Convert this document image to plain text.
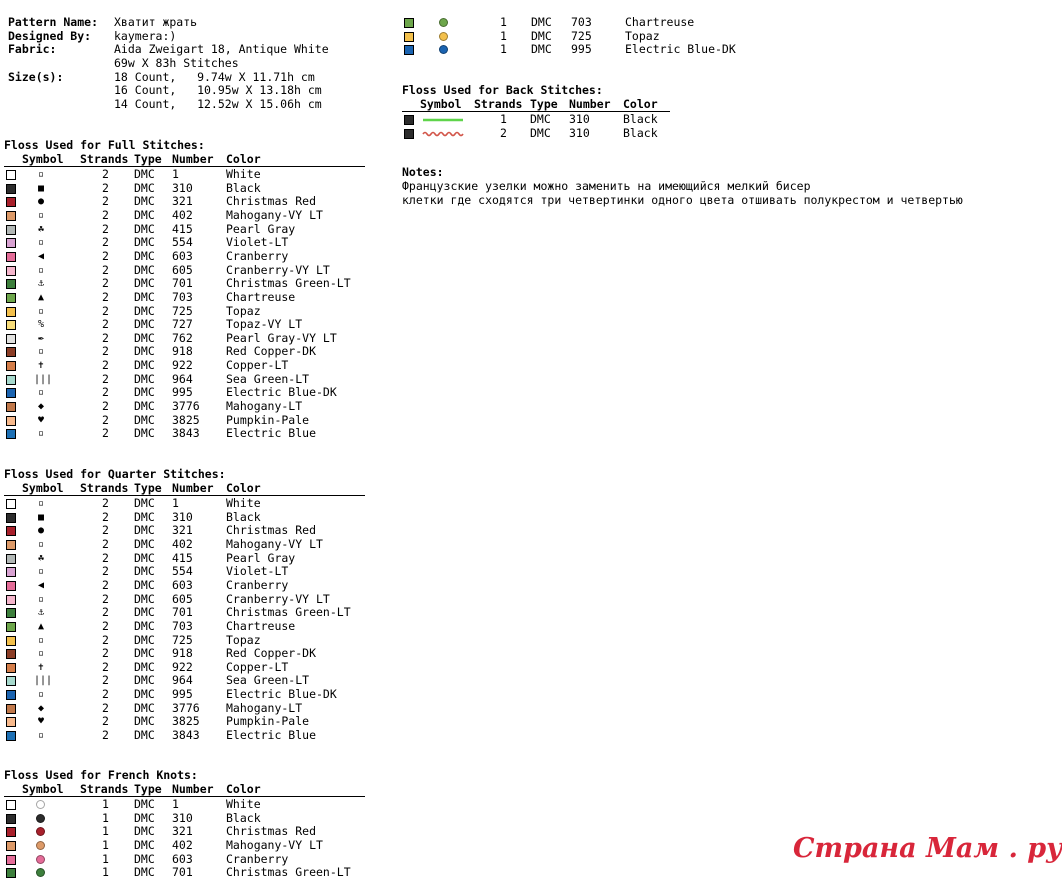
Pattern Name: Хватит жрать
Designed By: kaymera:)
Fabric:	Aida Zweigart 18, Antique White
69w X 83h Stitches
Size(s):	18 Count,   9.74w X 11.71h cm
16 Count,   10.95w X 13.18h cm
14 Count,   12.52w X 15.06h cm
Floss Used for Full Stitches:
Symbol Strands Type Number Color
▫	2 DMC 1	White
■	2 DMC 310	Black
●	2 DMC 321	Christmas Red
▫	2 DMC 402	Mahogany-VY LT
☘	2 DMC 415	Pearl Gray
▫	2 DMC 554	Violet-LT
◀	2 DMC 603	Cranberry
▫	2 DMC 605	Cranberry-VY LT
⚓	2 DMC 701	Christmas Green-LT
▲	2 DMC 703	Chartreuse
▫	2 DMC 725	Topaz
%	2 DMC 727	Topaz-VY LT
✒	2 DMC 762	Pearl Gray-VY LT
▫	2 DMC 918	Red Copper-DK
✝	2 DMC 922	Copper-LT
|||	2 DMC 964	Sea Green-LT
▫	2 DMC 995	Electric Blue-DK
◆	2 DMC 3776 Mahogany-LT
♥	2 DMC 3825 Pumpkin-Pale
▫	2 DMC 3843 Electric Blue
Floss Used for Quarter Stitches:
Symbol Strands Type Number Color
▫	2 DMC 1	White
■	2 DMC 310	Black
●	2 DMC 321	Christmas Red
▫	2 DMC 402	Mahogany-VY LT
☘	2 DMC 415	Pearl Gray
▫	2 DMC 554	Violet-LT
◀	2 DMC 603	Cranberry
▫	2 DMC 605	Cranberry-VY LT
⚓	2 DMC 701	Christmas Green-LT
▲	2 DMC 703	Chartreuse
▫	2 DMC 725	Topaz
▫	2 DMC 918	Red Copper-DK
✝	2 DMC 922	Copper-LT
|||	2 DMC 964	Sea Green-LT
▫	2 DMC 995	Electric Blue-DK
◆	2 DMC 3776 Mahogany-LT
♥	2 DMC 3825 Pumpkin-Pale
▫	2 DMC 3843 Electric Blue
Floss Used for French Knots:
Symbol Strands Type Number Color
1 DMC 1	White
1 DMC 310	Black
1 DMC 321	Christmas Red
1 DMC 402	Mahogany-VY LT
1 DMC 603	Cranberry
1 DMC 701	Christmas Green-LT
1 DMC 703	Chartreuse
1 DMC 725	Topaz
1 DMC 995	Electric Blue-DK
Floss Used for Back Stitches:
Symbol Strands Type Number Color
1 DMC 310	Black
2 DMC 310	Black
Notes:
Французские узелки можно заменить на имеющийся мелкий бисер
клетки где сходятся три четвертинки одного цвета отшивать полукрестом и четвертью
Страна Мам . ру
